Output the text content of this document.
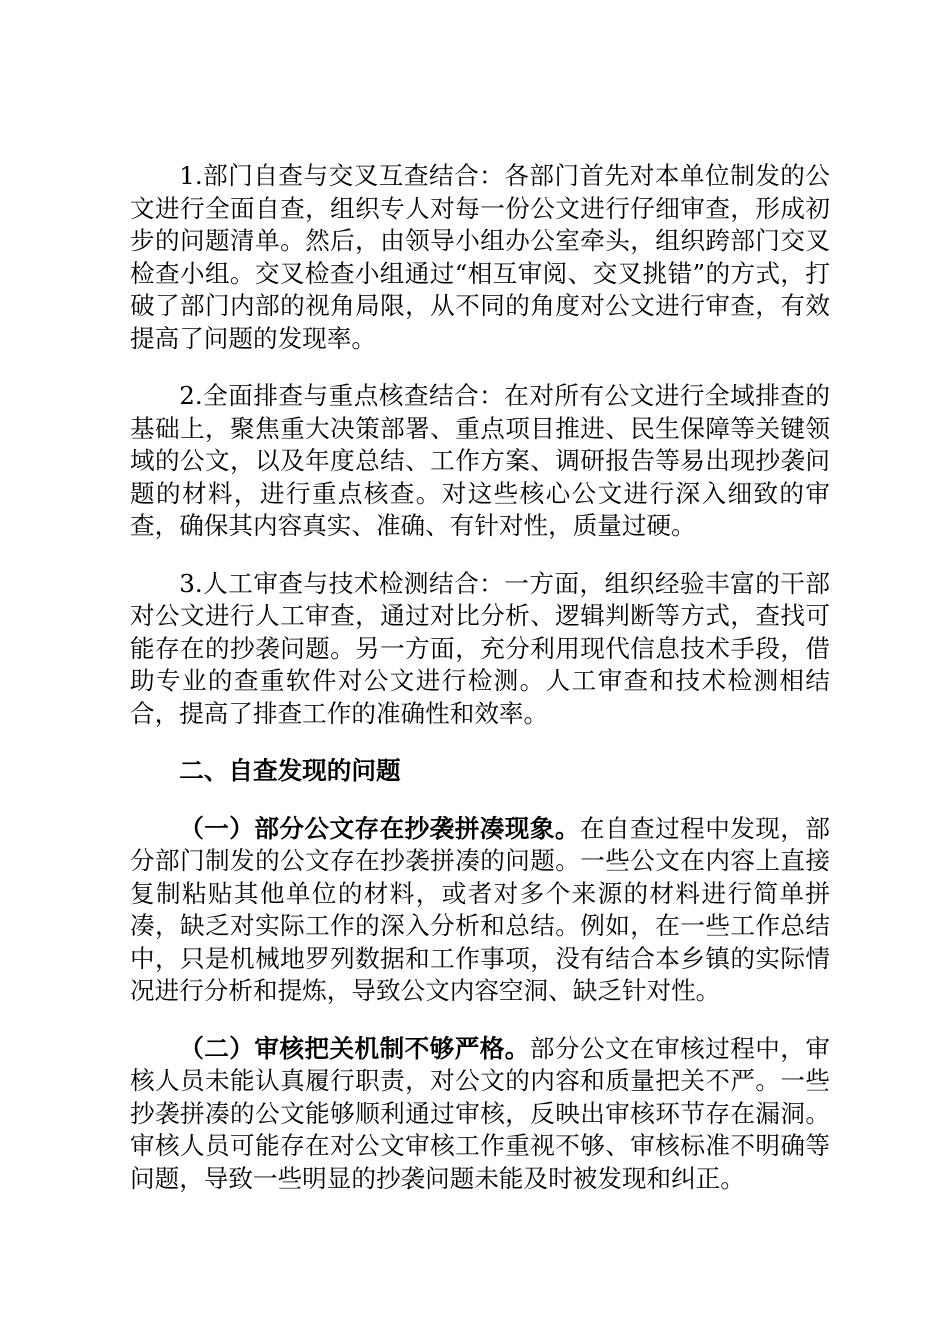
1.部门自查与交叉互查结合：各部门首先对本单位制发的公文进行全面自查，组织专人对每一份公文进行仔细审查，形成初步的问题清单。然后，由领导小组办公室牵头，组织跨部门交叉检查小组。交叉检查小组通过“相互审阅、交叉挑错”的方式，打破了部门内部的视角局限，从不同的角度对公文进行审查，有效提高了问题的发现率。

2.全面排查与重点核查结合：在对所有公文进行全域排查的基础上，聚焦重大决策部署、重点项目推进、民生保障等关键领域的公文，以及年度总结、工作方案、调研报告等易出现抄袭问题的材料，进行重点核查。对这些核心公文进行深入细致的审查，确保其内容真实、准确、有针对性，质量过硬。

3.人工审查与技术检测结合：一方面，组织经验丰富的干部对公文进行人工审查，通过对比分析、逻辑判断等方式，查找可能存在的抄袭问题。另一方面，充分利用现代信息技术手段，借助专业的查重软件对公文进行检测。人工审查和技术检测相结合，提高了排查工作的准确性和效率。

二、自查发现的问题

（一）部分公文存在抄袭拼凑现象。在自查过程中发现，部分部门制发的公文存在抄袭拼凑的问题。一些公文在内容上直接复制粘贴其他单位的材料，或者对多个来源的材料进行简单拼凑，缺乏对实际工作的深入分析和总结。例如，在一些工作总结中，只是机械地罗列数据和工作事项，没有结合本乡镇的实际情况进行分析和提炼，导致公文内容空洞、缺乏针对性。

（二）审核把关机制不够严格。部分公文在审核过程中，审核人员未能认真履行职责，对公文的内容和质量把关不严。一些抄袭拼凑的公文能够顺利通过审核，反映出审核环节存在漏洞。审核人员可能存在对公文审核工作重视不够、审核标准不明确等问题，导致一些明显的抄袭问题未能及时被发现和纠正。
